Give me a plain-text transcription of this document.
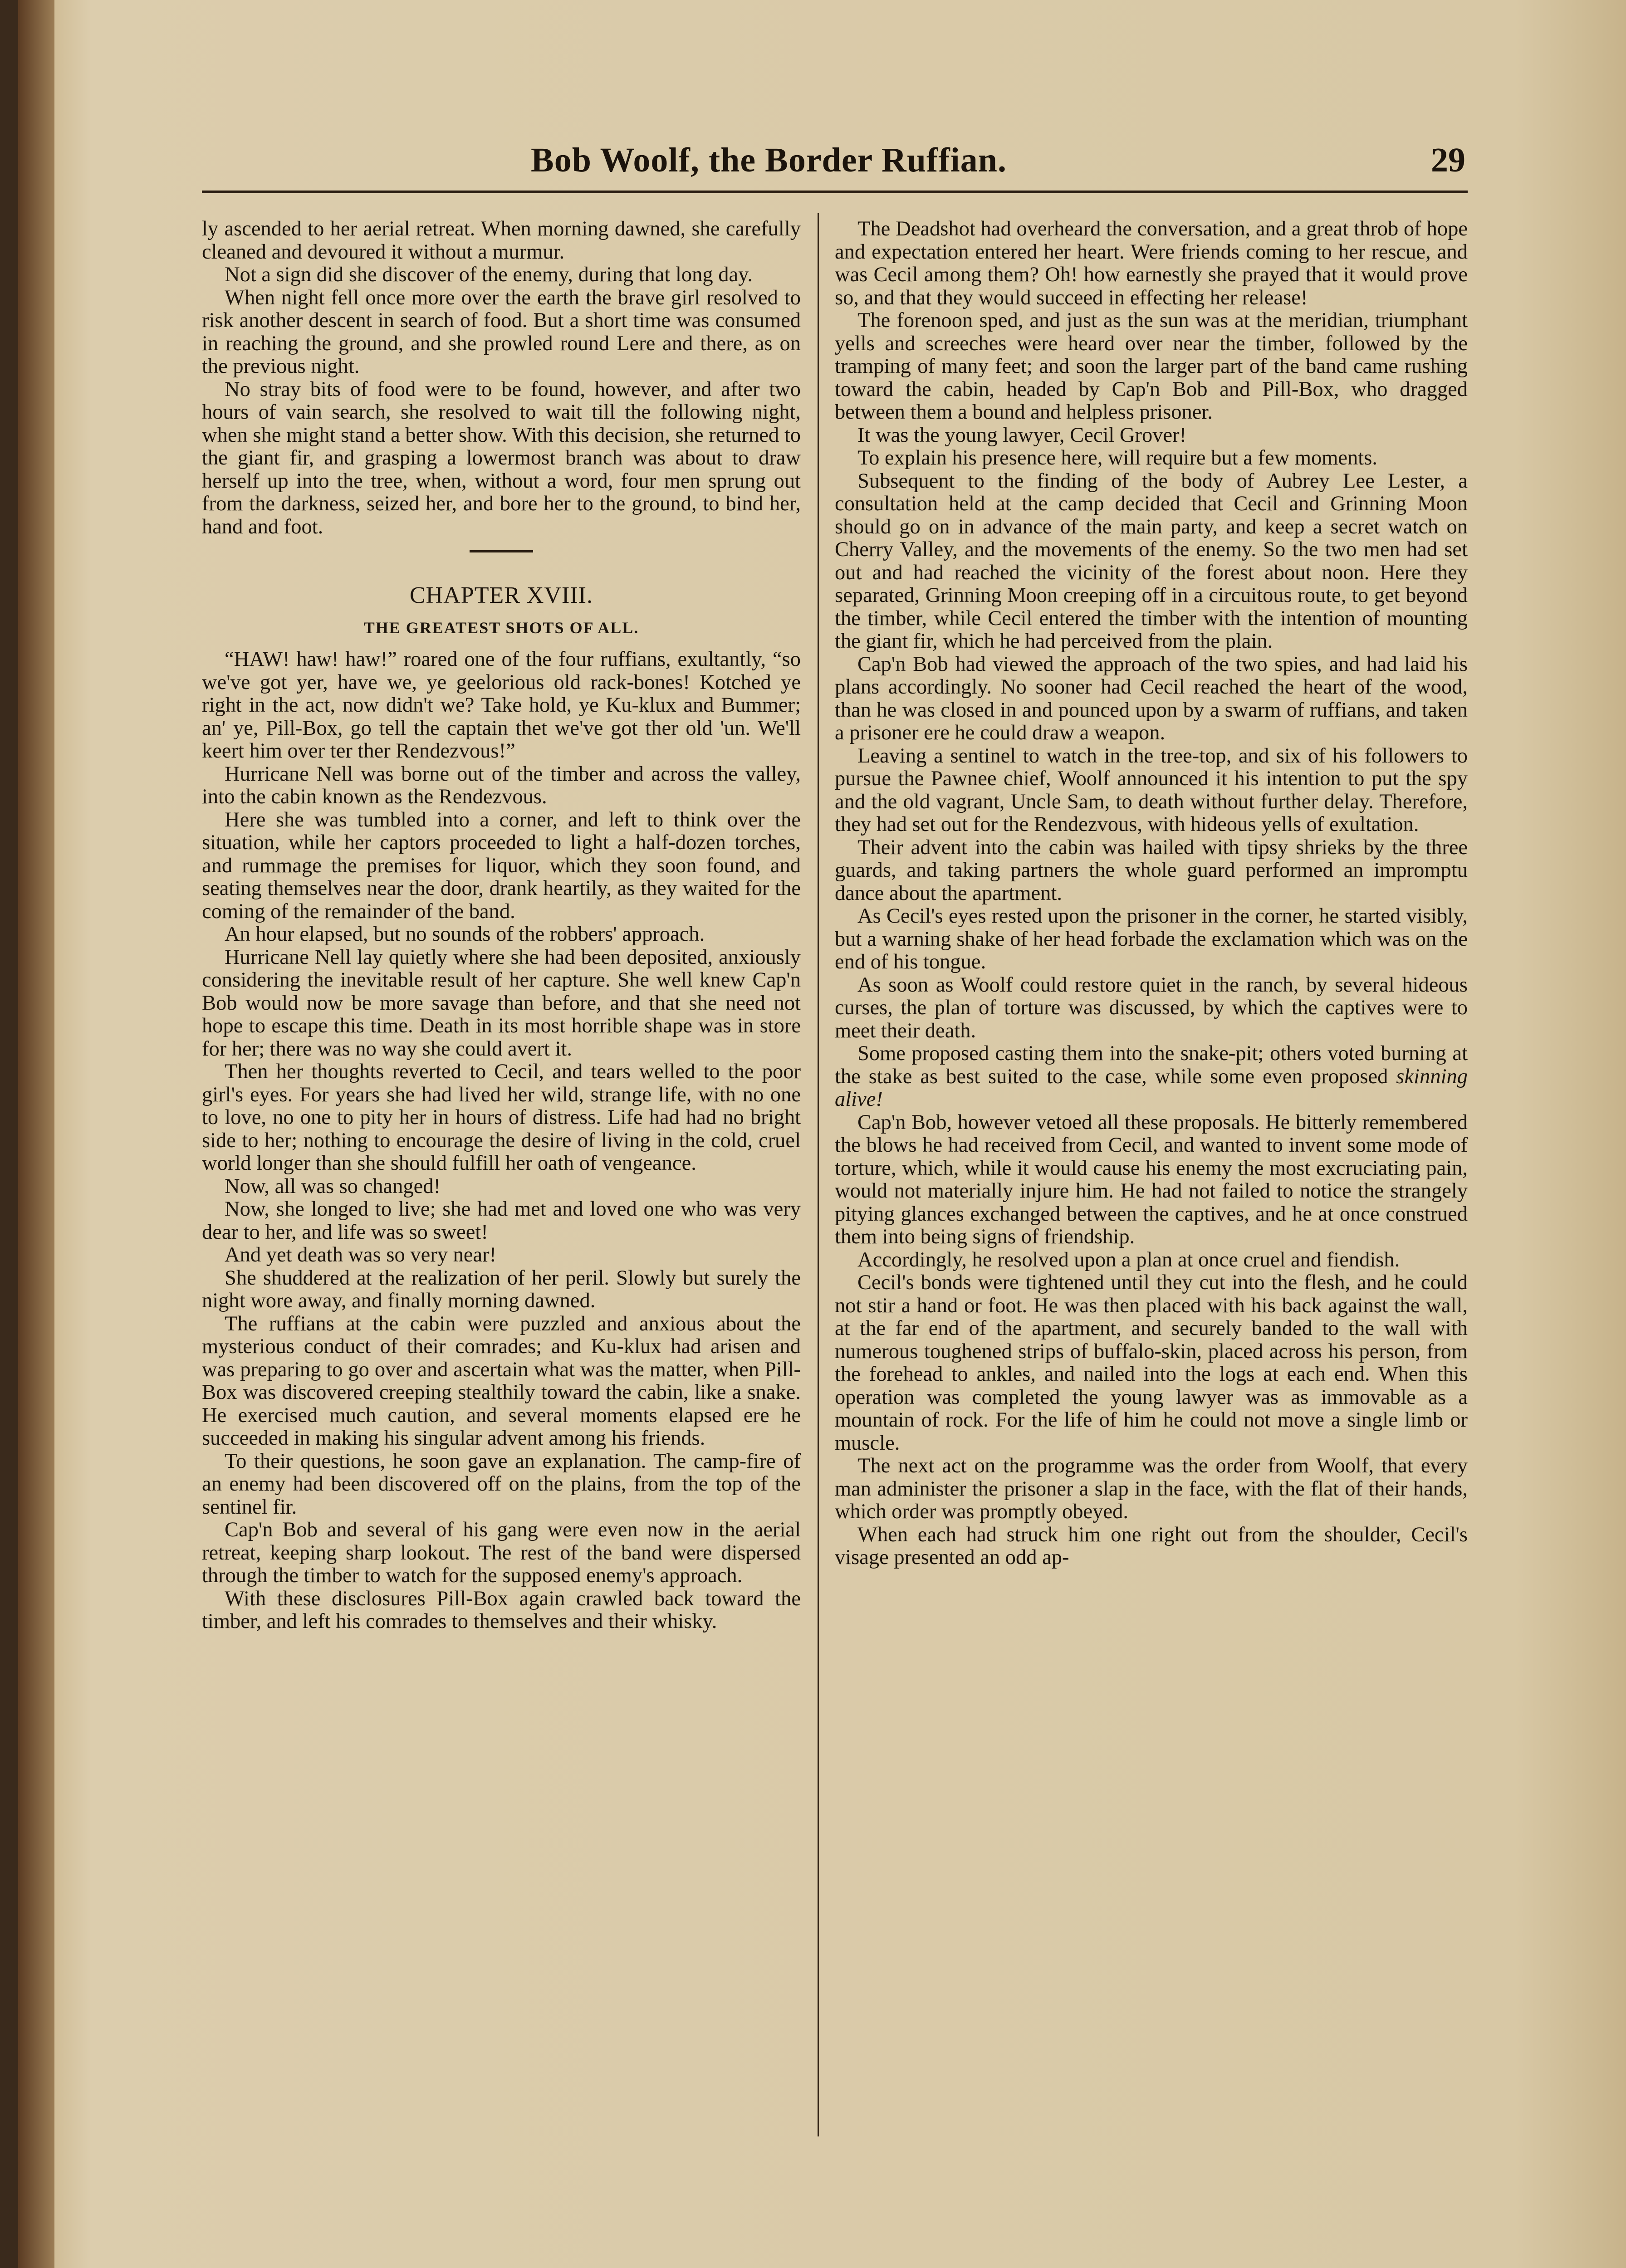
Bob Woolf, the Border Ruffian.	29

ly ascended to her aerial retreat. When morning dawned, she carefully cleaned and devoured it without a murmur.

Not a sign did she discover of the enemy, during that long day.

When night fell once more over the earth the brave girl resolved to risk another descent in search of food. But a short time was consumed in reaching the ground, and she prowled round Lere and there, as on the previous night.

No stray bits of food were to be found, however, and after two hours of vain search, she resolved to wait till the following night, when she might stand a better show. With this decision, she returned to the giant fir, and grasping a lowermost branch was about to draw herself up into the tree, when, without a word, four men sprung out from the darkness, seized her, and bore her to the ground, to bind her, hand and foot.

CHAPTER XVIII.
THE GREATEST SHOTS OF ALL.

“HAW! haw! haw!” roared one of the four ruffians, exultantly, “so we've got yer, have we, ye geelorious old rack-bones! Kotched ye right in the act, now didn't we? Take hold, ye Ku-klux and Bummer; an' ye, Pill-Box, go tell the captain thet we've got ther old 'un. We'll keert him over ter ther Rendezvous!”

Hurricane Nell was borne out of the timber and across the valley, into the cabin known as the Rendezvous.

Here she was tumbled into a corner, and left to think over the situation, while her captors proceeded to light a half-dozen torches, and rummage the premises for liquor, which they soon found, and seating themselves near the door, drank heartily, as they waited for the coming of the remainder of the band.

An hour elapsed, but no sounds of the robbers' approach.

Hurricane Nell lay quietly where she had been deposited, anxiously considering the inevitable result of her capture. She well knew Cap'n Bob would now be more savage than before, and that she need not hope to escape this time. Death in its most horrible shape was in store for her; there was no way she could avert it.

Then her thoughts reverted to Cecil, and tears welled to the poor girl's eyes. For years she had lived her wild, strange life, with no one to love, no one to pity her in hours of distress. Life had had no bright side to her; nothing to encourage the desire of living in the cold, cruel world longer than she should fulfill her oath of vengeance.

Now, all was so changed!

Now, she longed to live; she had met and loved one who was very dear to her, and life was so sweet!

And yet death was so very near!

She shuddered at the realization of her peril. Slowly but surely the night wore away, and finally morning dawned.

The ruffians at the cabin were puzzled and anxious about the mysterious conduct of their comrades; and Ku-klux had arisen and was preparing to go over and ascertain what was the matter, when Pill-Box was discovered creeping stealthily toward the cabin, like a snake. He exercised much caution, and several moments elapsed ere he succeeded in making his singular advent among his friends.

To their questions, he soon gave an explanation. The camp-fire of an enemy had been discovered off on the plains, from the top of the sentinel fir.

Cap'n Bob and several of his gang were even now in the aerial retreat, keeping sharp lookout. The rest of the band were dispersed through the timber to watch for the supposed enemy's approach.

With these disclosures Pill-Box again crawled back toward the timber, and left his comrades to themselves and their whisky.

The Deadshot had overheard the conversation, and a great throb of hope and expectation entered her heart. Were friends coming to her rescue, and was Cecil among them? Oh! how earnestly she prayed that it would prove so, and that they would succeed in effecting her release!

The forenoon sped, and just as the sun was at the meridian, triumphant yells and screeches were heard over near the timber, followed by the tramping of many feet; and soon the larger part of the band came rushing toward the cabin, headed by Cap'n Bob and Pill-Box, who dragged between them a bound and helpless prisoner.

It was the young lawyer, Cecil Grover!

To explain his presence here, will require but a few moments.

Subsequent to the finding of the body of Aubrey Lee Lester, a consultation held at the camp decided that Cecil and Grinning Moon should go on in advance of the main party, and keep a secret watch on Cherry Valley, and the movements of the enemy. So the two men had set out and had reached the vicinity of the forest about noon. Here they separated, Grinning Moon creeping off in a circuitous route, to get beyond the timber, while Cecil entered the timber with the intention of mounting the giant fir, which he had perceived from the plain.

Cap'n Bob had viewed the approach of the two spies, and had laid his plans accordingly. No sooner had Cecil reached the heart of the wood, than he was closed in and pounced upon by a swarm of ruffians, and taken a prisoner ere he could draw a weapon.

Leaving a sentinel to watch in the tree-top, and six of his followers to pursue the Pawnee chief, Woolf announced it his intention to put the spy and the old vagrant, Uncle Sam, to death without further delay. Therefore, they had set out for the Rendezvous, with hideous yells of exultation.

Their advent into the cabin was hailed with tipsy shrieks by the three guards, and taking partners the whole guard performed an impromptu dance about the apartment.

As Cecil's eyes rested upon the prisoner in the corner, he started visibly, but a warning shake of her head forbade the exclamation which was on the end of his tongue.

As soon as Woolf could restore quiet in the ranch, by several hideous curses, the plan of torture was discussed, by which the captives were to meet their death.

Some proposed casting them into the snake-pit; others voted burning at the stake as best suited to the case, while some even proposed skinning alive!

Cap'n Bob, however vetoed all these proposals. He bitterly remembered the blows he had received from Cecil, and wanted to invent some mode of torture, which, while it would cause his enemy the most excruciating pain, would not materially injure him. He had not failed to notice the strangely pitying glances exchanged between the captives, and he at once construed them into being signs of friendship.

Accordingly, he resolved upon a plan at once cruel and fiendish.

Cecil's bonds were tightened until they cut into the flesh, and he could not stir a hand or foot. He was then placed with his back against the wall, at the far end of the apartment, and securely banded to the wall with numerous toughened strips of buffalo-skin, placed across his person, from the forehead to ankles, and nailed into the logs at each end. When this operation was completed the young lawyer was as immovable as a mountain of rock. For the life of him he could not move a single limb or muscle.

The next act on the programme was the order from Woolf, that every man administer the prisoner a slap in the face, with the flat of their hands, which order was promptly obeyed.

When each had struck him one right out from the shoulder, Cecil's visage presented an odd ap-
